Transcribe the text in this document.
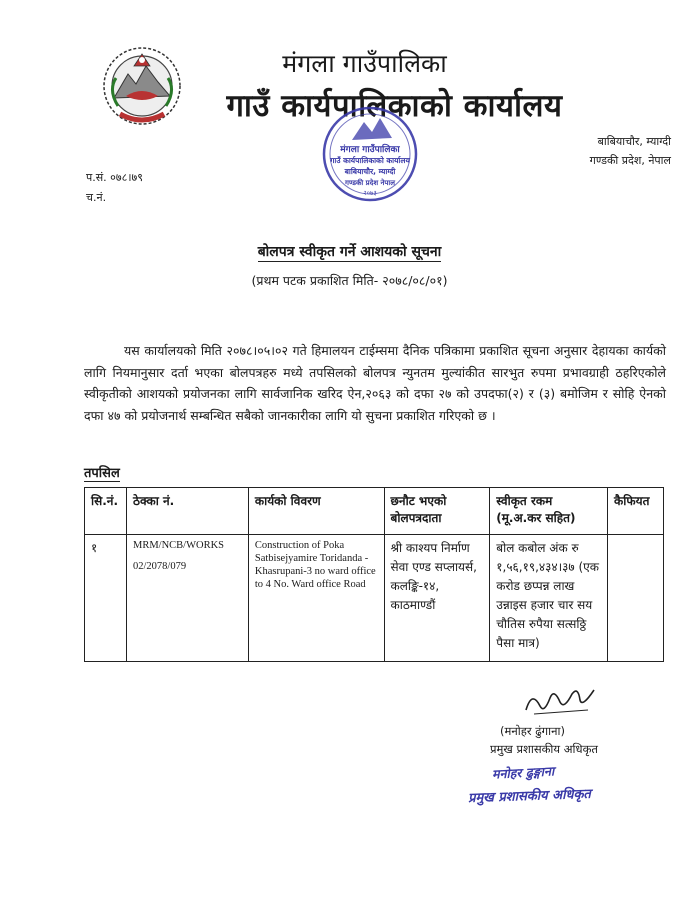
मंगला गाउँपालिका
गाउँ कार्यपालिकाको कार्यालय
मंगला गाउँपालिका
गाउँ कार्यपालिकाको कार्यालय
बाबियाचौर, म्याग्दी
गण्डकी प्रदेश नेपाल
२०७३
बाबियाचौर, म्याग्दी
गण्डकी प्रदेश, नेपाल
प.सं. ०७८।७९
च.नं.
बोलपत्र स्वीकृत गर्ने आशयको सूचना
(प्रथम पटक प्रकाशित मिति- २०७८/०८/०१)
यस कार्यालयको मिति २०७८।०५।०२ गते हिमालयन टाईम्समा दैनिक पत्रिकामा प्रकाशित सूचना अनुसार देहायका कार्यको लागि नियमानुसार दर्ता भएका बोलपत्रहरु मध्ये तपसिलको बोलपत्र न्युनतम मुल्यांकीत सारभुत रुपमा प्रभावग्राही ठहरिएकोले स्वीकृतीको आशयको प्रयोजनका लागि सार्वजानिक खरिद ऐन,२०६३ को दफा २७ को उपदफा(२) र (३) बमोजिम र सोहि ऐनको दफा ४७ को प्रयोजनार्थ सम्बन्धित सबैको जानकारीका लागि यो सुचना प्रकाशित गरिएको छ ।
तपसिल
सि.नं.	ठेक्का नं.	कार्यको विवरण	छनौट भएको बोलपत्रदाता	स्वीकृत रकम (मू.अ.कर सहित)	कैफियत
१	MRM/NCB/WORKS
02/2078/079	Construction of Poka Satbisejyamire Toridanda - Khasrupani-3 no ward office to 4 No. Ward office Road	श्री काश्यप निर्माण सेवा एण्ड सप्लायर्स, कलङ्कि-१४, काठमाण्डौं	बोल कबोल अंक रु १,५६,१९,४३४।३७ (एक करोड छप्पन्न लाख उन्नाइस हजार चार सय चौतिस रुपैया सत्सठ्ठि पैसा मात्र)	
(मनोहर ढुंगाना)
प्रमुख प्रशासकीय अधिकृत
मनोहर ढुङ्गाना
प्रमुख प्रशासकीय अधिकृत
